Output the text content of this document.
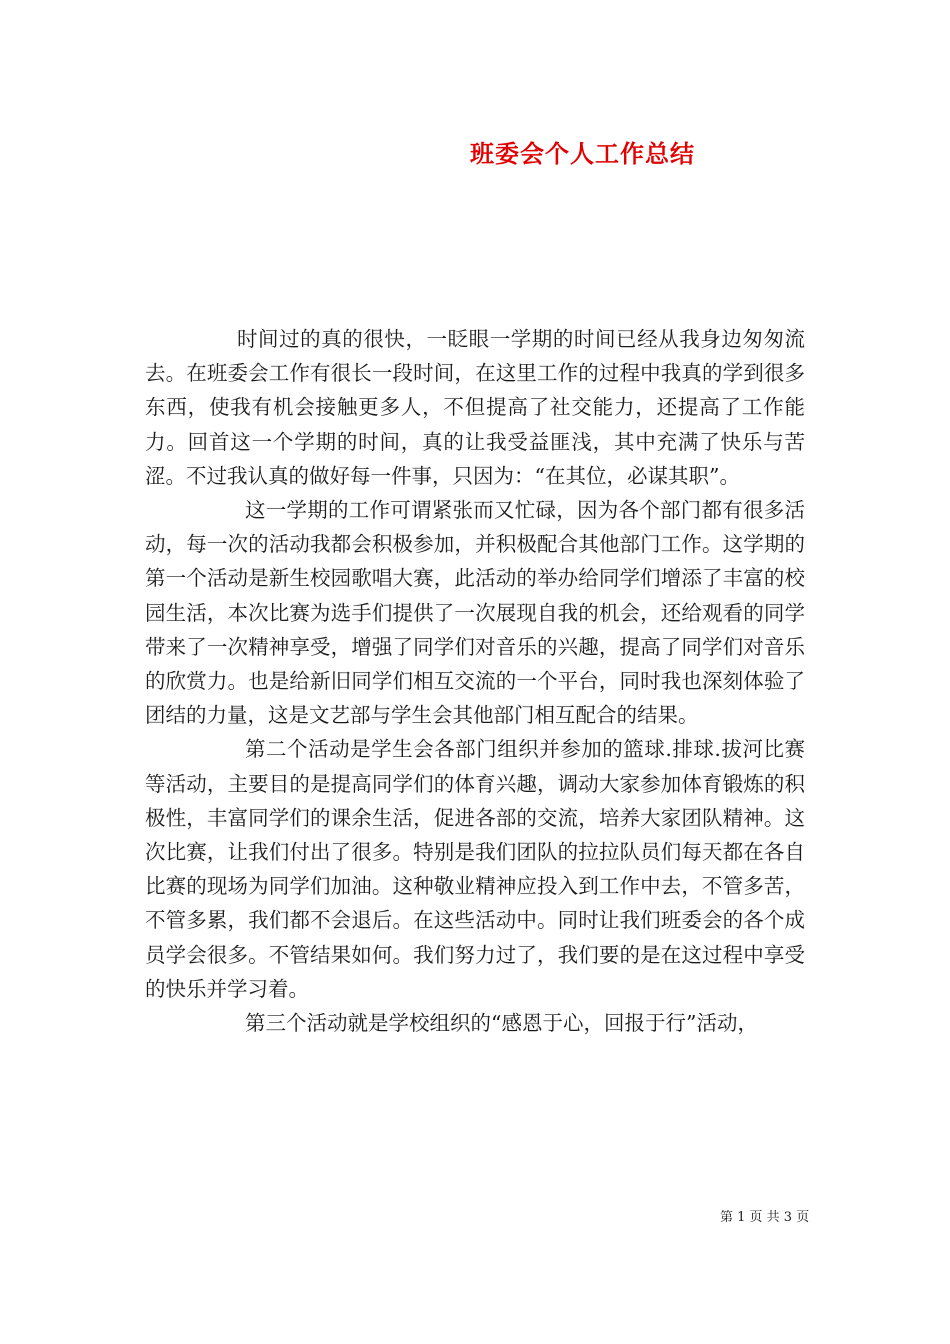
班委会个人工作总结

时间过的真的很快，一眨眼一学期的时间已经从我身边匆匆流去。在班委会工作有很长一段时间，在这里工作的过程中我真的学到很多东西，使我有机会接触更多人，不但提高了社交能力，还提高了工作能力。回首这一个学期的时间，真的让我受益匪浅，其中充满了快乐与苦涩。不过我认真的做好每一件事，只因为：“在其位，必谋其职”。

这一学期的工作可谓紧张而又忙碌，因为各个部门都有很多活动，每一次的活动我都会积极参加，并积极配合其他部门工作。这学期的第一个活动是新生校园歌唱大赛，此活动的举办给同学们增添了丰富的校园生活，本次比赛为选手们提供了一次展现自我的机会，还给观看的同学带来了一次精神享受，增强了同学们对音乐的兴趣，提高了同学们对音乐的欣赏力。也是给新旧同学们相互交流的一个平台，同时我也深刻体验了团结的力量，这是文艺部与学生会其他部门相互配合的结果。

第二个活动是学生会各部门组织并参加的篮球.排球.拔河比赛等活动，主要目的是提高同学们的体育兴趣，调动大家参加体育锻炼的积极性，丰富同学们的课余生活，促进各部的交流，培养大家团队精神。这次比赛，让我们付出了很多。特别是我们团队的拉拉队员们每天都在各自比赛的现场为同学们加油。这种敬业精神应投入到工作中去，不管多苦，不管多累，我们都不会退后。在这些活动中。同时让我们班委会的各个成员学会很多。不管结果如何。我们努力过了，我们要的是在这过程中享受的快乐并学习着。

第三个活动就是学校组织的“感恩于心，回报于行”活动，

第 1 页 共 3 页
